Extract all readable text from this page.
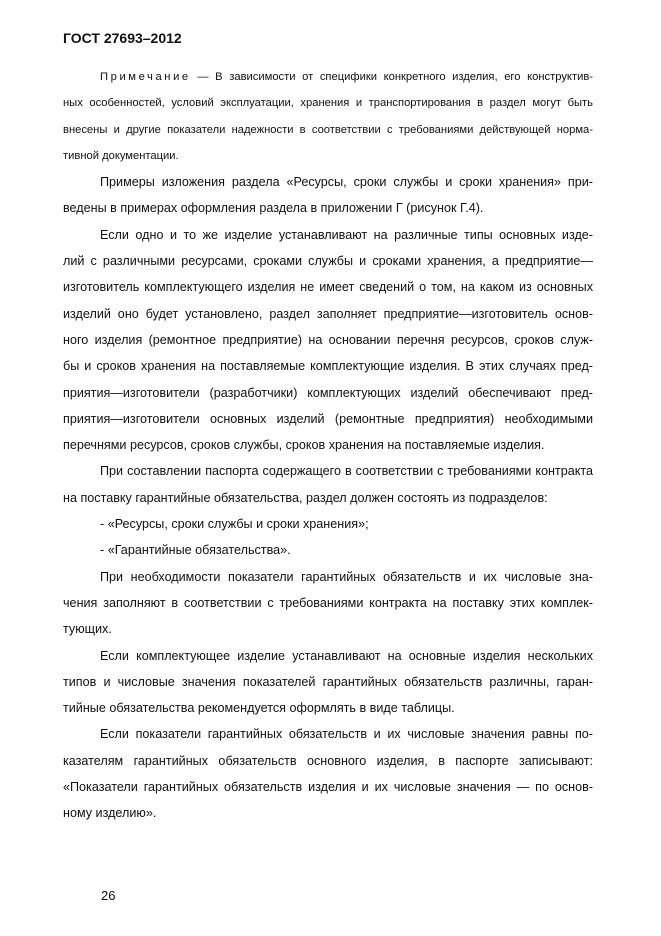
ГОСТ 27693–2012
Примечание — В зависимости от специфики конкретного изделия, его конструктив-
ных особенностей, условий эксплуатации, хранения и транспортирования в раздел могут быть
внесены и другие показатели надежности в соответствии с требованиями действующей норма-
тивной документации.
Примеры изложения раздела «Ресурсы, сроки службы и сроки хранения» при-
ведены в примерах оформления раздела в приложении Г (рисунок Г.4).
Если одно и то же изделие устанавливают на различные типы основных изде-
лий с различными ресурсами, сроками службы и сроками хранения, а предприятие—
изготовитель комплектующего изделия не имеет сведений о том, на каком из основных
изделий оно будет установлено, раздел заполняет предприятие—изготовитель основ-
ного изделия (ремонтное предприятие) на основании перечня ресурсов, сроков служ-
бы и сроков хранения на поставляемые комплектующие изделия. В этих случаях пред-
приятия—изготовители (разработчики) комплектующих изделий обеспечивают пред-
приятия—изготовители основных изделий (ремонтные предприятия) необходимыми
перечнями ресурсов, сроков службы, сроков хранения на поставляемые изделия.
При составлении паспорта содержащего в соответствии с требованиями контракта
на поставку гарантийные обязательства, раздел должен состоять из подразделов:
- «Ресурсы, сроки службы и сроки хранения»;
- «Гарантийные обязательства».
При необходимости показатели гарантийных обязательств и их числовые зна-
чения заполняют в соответствии с требованиями контракта на поставку этих комплек-
тующих.
Если комплектующее изделие устанавливают на основные изделия нескольких
типов и числовые значения показателей гарантийных обязательств различны, гаран-
тийные обязательства рекомендуется оформлять в виде таблицы.
Если показатели гарантийных обязательств и их числовые значения равны по-
казателям гарантийных обязательств основного изделия, в паспорте записывают:
«Показатели гарантийных обязательств изделия и их числовые значения — по основ-
ному изделию».
26
